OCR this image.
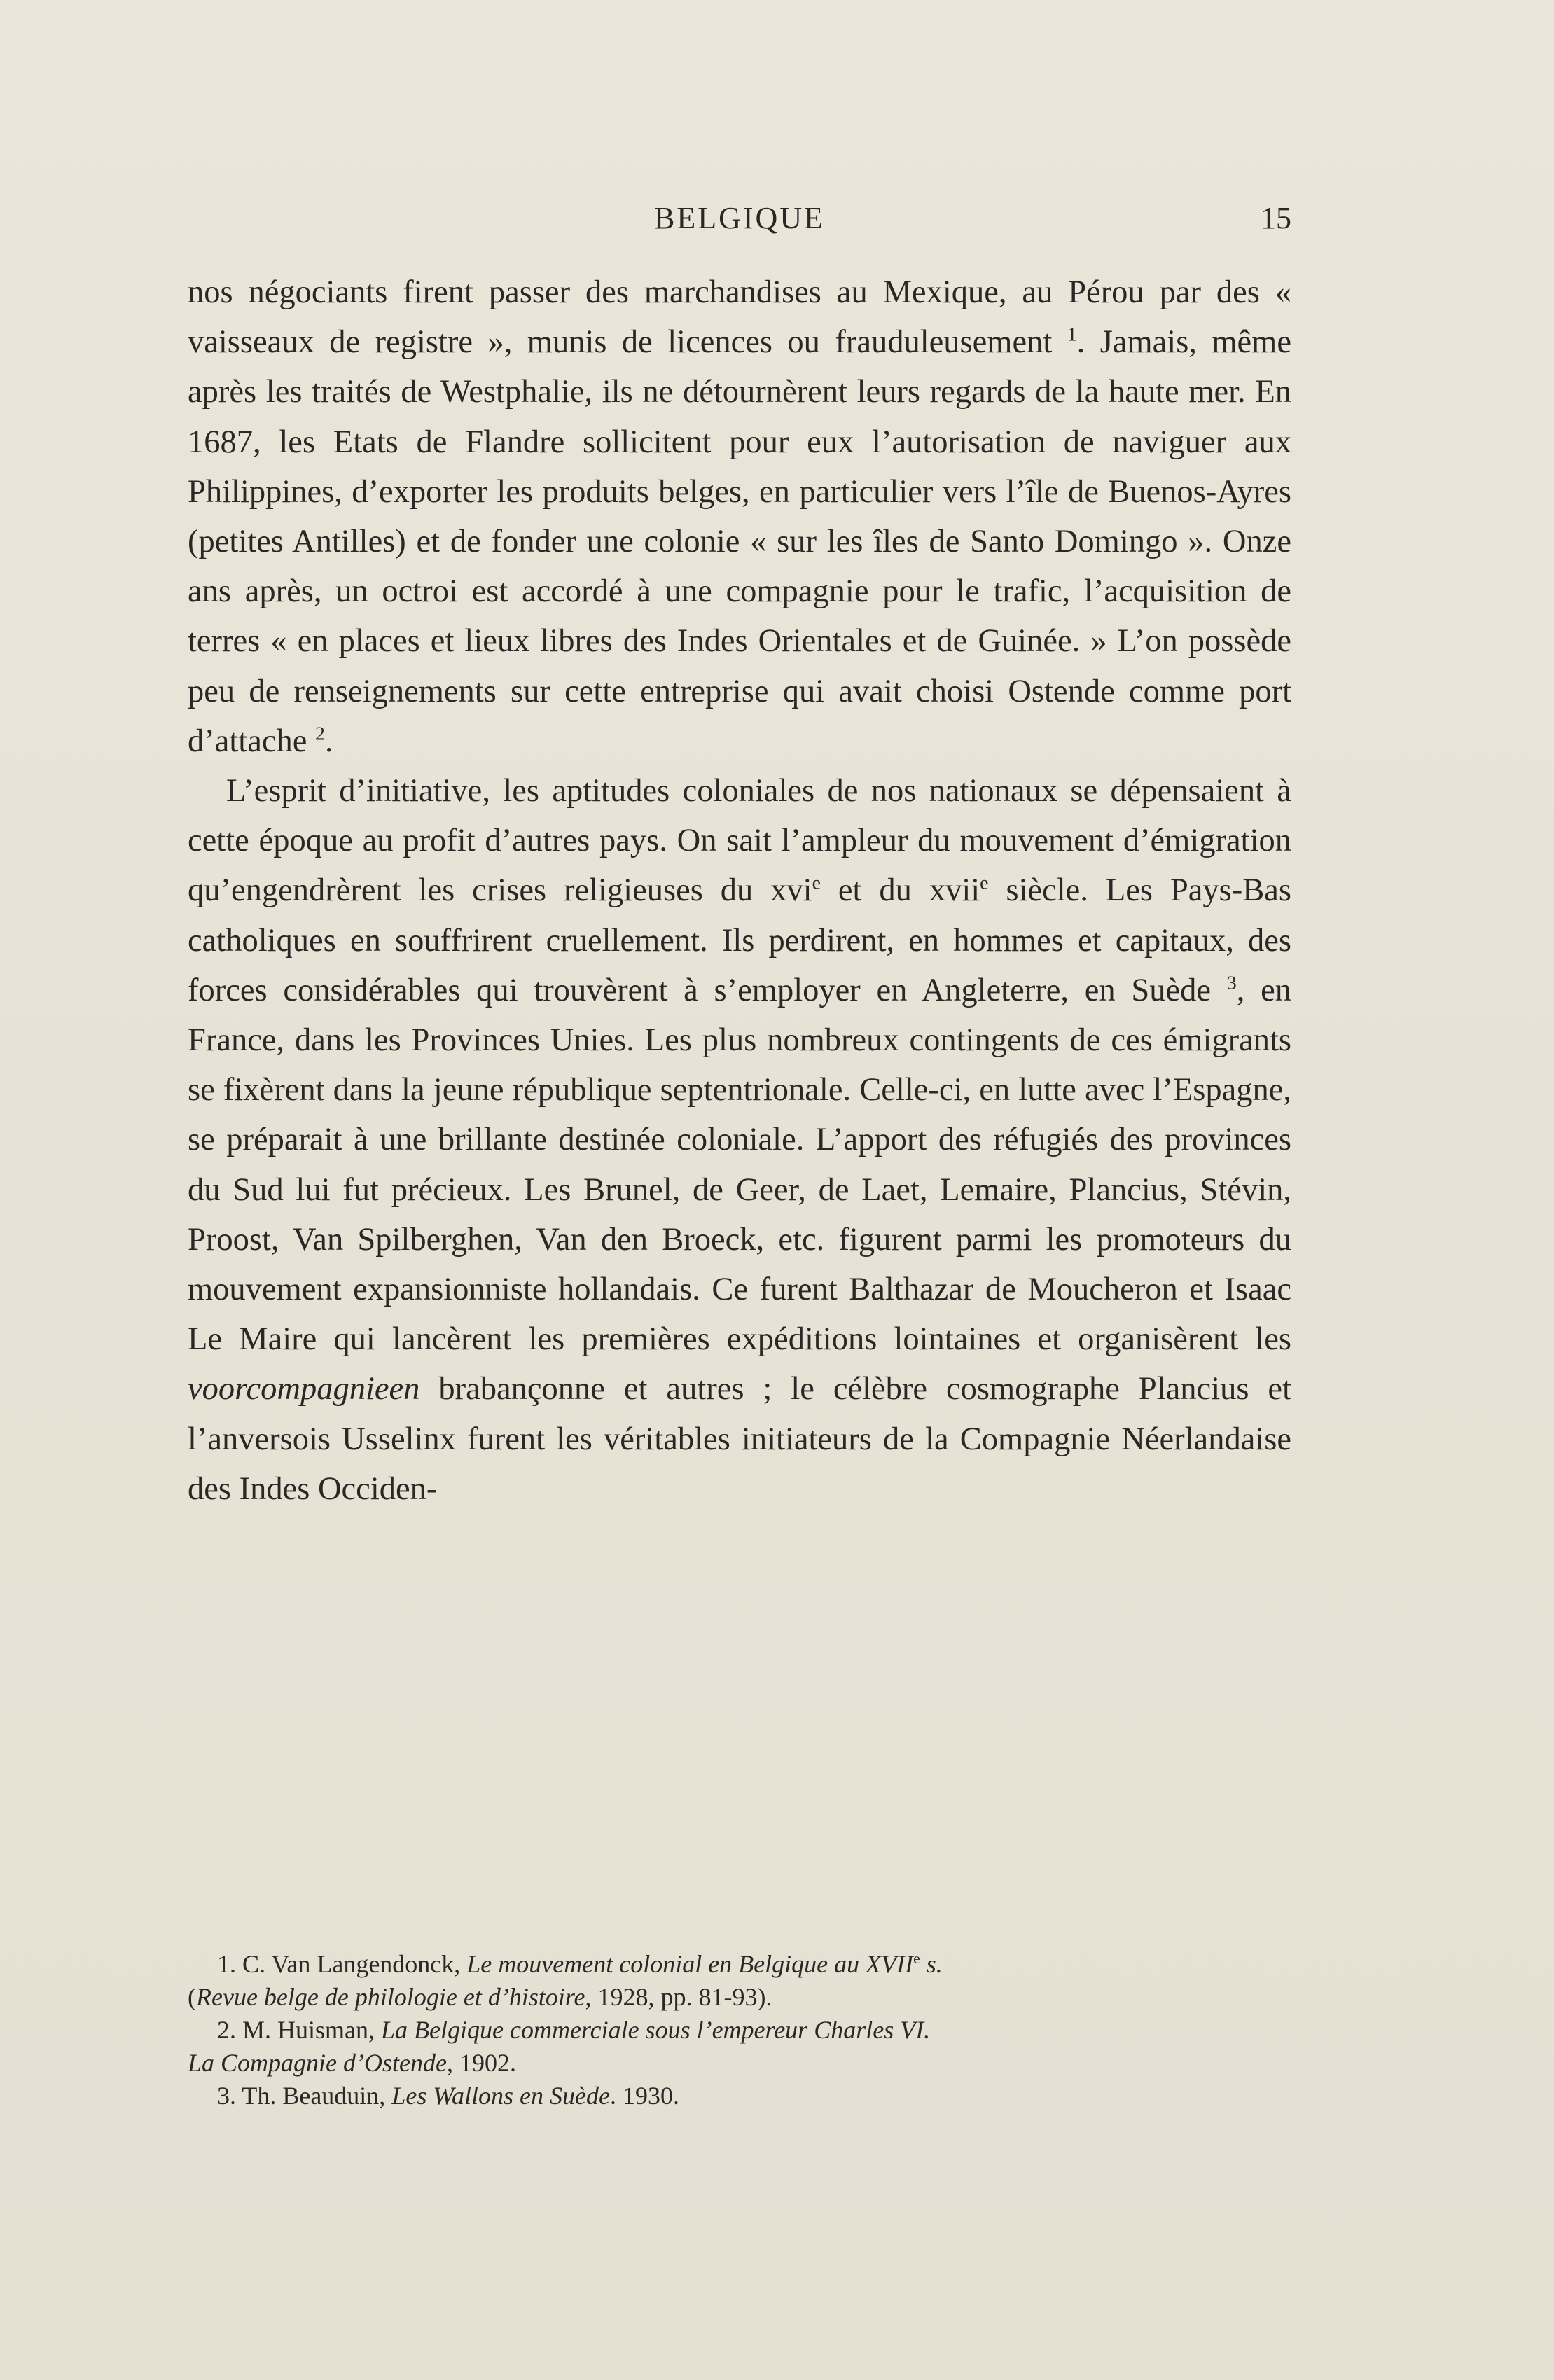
BELGIQUE	15

nos négociants firent passer des marchandises au Mexique, au Pérou par des « vaisseaux de registre », munis de licences ou frauduleusement $^1$. Jamais, même après les traités de Westphalie, ils ne détournèrent leurs regards de la haute mer. En 1687, les Etats de Flandre sollicitent pour eux l’autorisation de naviguer aux Philippines, d’exporter les produits belges, en particulier vers l’île de Buenos-Ayres (petites Antilles) et de fonder une colonie « sur les îles de Santo Domingo ». Onze ans après, un octroi est accordé à une compagnie pour le trafic, l’acquisition de terres « en places et lieux libres des Indes Orientales et de Guinée. » L’on possède peu de renseignements sur cette entreprise qui avait choisi Ostende comme port d’attache $^2$.

L’esprit d’initiative, les aptitudes coloniales de nos nationaux se dépensaient à cette époque au profit d’autres pays. On sait l’ampleur du mouvement d’émigration qu’engendrèrent les crises religieuses du xvi$^e$ et du xvii$^e$ siècle. Les Pays-Bas catholiques en souffrirent cruellement. Ils perdirent, en hommes et capitaux, des forces considérables qui trouvèrent à s’employer en Angleterre, en Suède $^3$, en France, dans les Provinces Unies. Les plus nombreux contingents de ces émigrants se fixèrent dans la jeune république septentrionale. Celle-ci, en lutte avec l’Espagne, se préparait à une brillante destinée coloniale. L’apport des réfugiés des provinces du Sud lui fut précieux. Les Brunel, de Geer, de Laet, Lemaire, Plancius, Stévin, Proost, Van Spilberghen, Van den Broeck, etc. figurent parmi les promoteurs du mouvement expansionniste hollandais. Ce furent Balthazar de Moucheron et Isaac Le Maire qui lancèrent les premières expéditions lointaines et organisèrent les voorcompagnieen brabançonne et autres ; le célèbre cosmographe Plancius et l’anversois Usselinx furent les véritables initiateurs de la Compagnie Néerlandaise des Indes Occiden-

1. C. Van Langendonck, Le mouvement colonial en Belgique au XVIIe s.
(Revue belge de philologie et d’histoire, 1928, pp. 81-93).

2. M. Huisman, La Belgique commerciale sous l’empereur Charles VI.
La Compagnie d’Ostende, 1902.

3. Th. Beauduin, Les Wallons en Suède. 1930.
